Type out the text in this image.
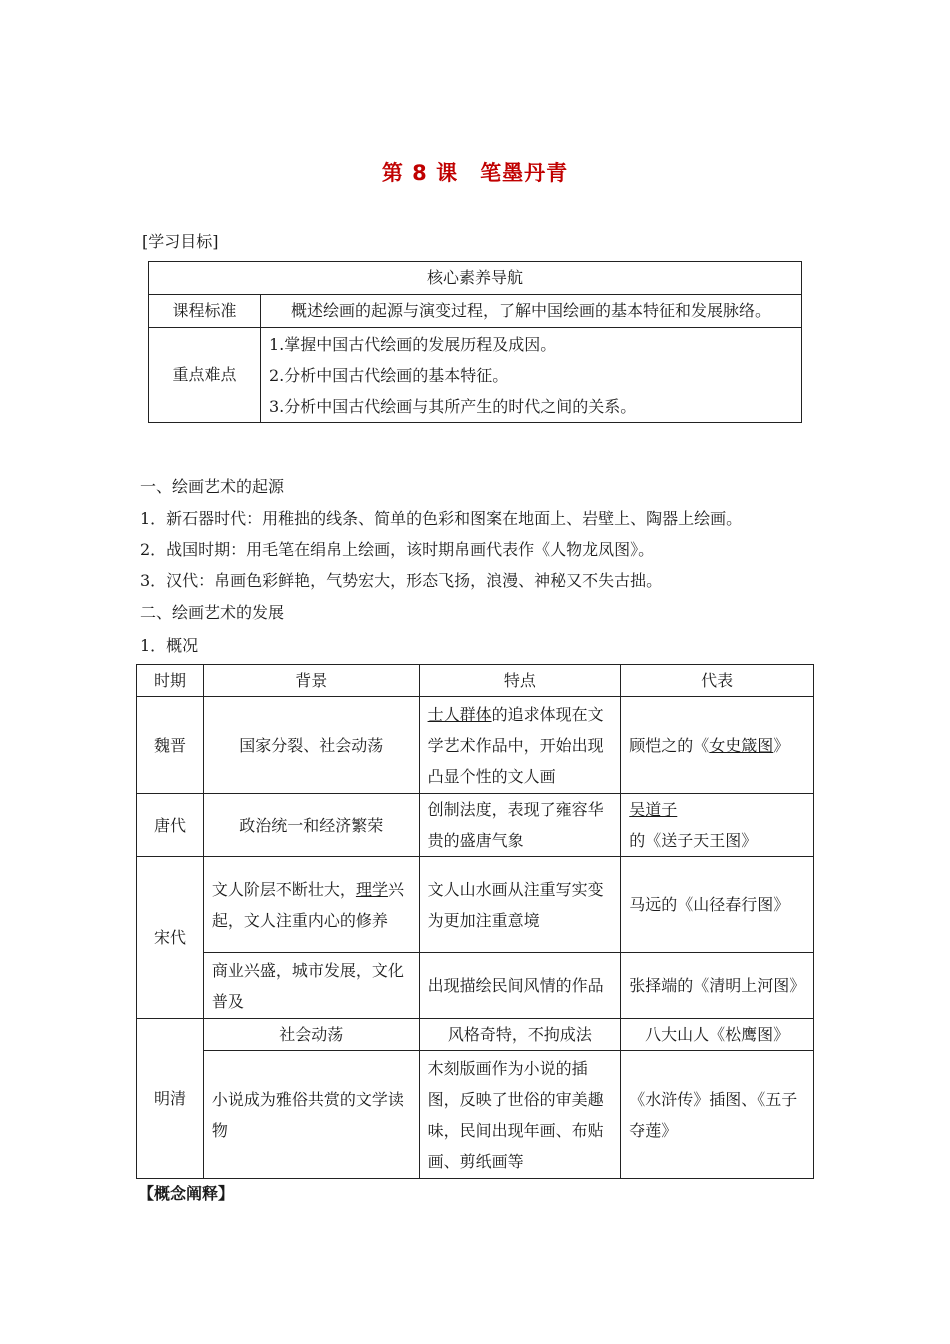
第 8 课　笔墨丹青
[学习目标]
核心素养导航	
课程标准	概述绘画的起源与演变过程，了解中国绘画的基本特征和发展脉络。
重点难点	1.掌握中国古代绘画的发展历程及成因。
2.分析中国古代绘画的基本特征。
3.分析中国古代绘画与其所产生的时代之间的关系。
一、绘画艺术的起源
1．新石器时代：用稚拙的线条、简单的色彩和图案在地面上、岩壁上、陶器上绘画。
2．战国时期：用毛笔在绢帛上绘画，该时期帛画代表作《人物龙凤图》。
3．汉代：帛画色彩鲜艳，气势宏大，形态飞扬，浪漫、神秘又不失古拙。
二、绘画艺术的发展
1．概况
时期	背景	特点	代表
魏晋	国家分裂、社会动荡	士人群体的追求体现在文学艺术作品中，开始出现凸显个性的文人画	顾恺之的《女史箴图》
唐代	政治统一和经济繁荣	创制法度，表现了雍容华贵的盛唐气象	吴道子的《送子天王图》
宋代	文人阶层不断壮大，理学兴起，文人注重内心的修养	文人山水画从注重写实变为更加注重意境	马远的《山径春行图》
	商业兴盛，城市发展，文化普及	出现描绘民间风情的作品	张择端的《清明上河图》
明清	社会动荡	风格奇特，不拘成法	八大山人《松鹰图》
	小说成为雅俗共赏的文学读物	木刻版画作为小说的插图，反映了世俗的审美趣味，民间出现年画、布贴画、剪纸画等	《水浒传》插图、《五子夺莲》
【概念阐释】
